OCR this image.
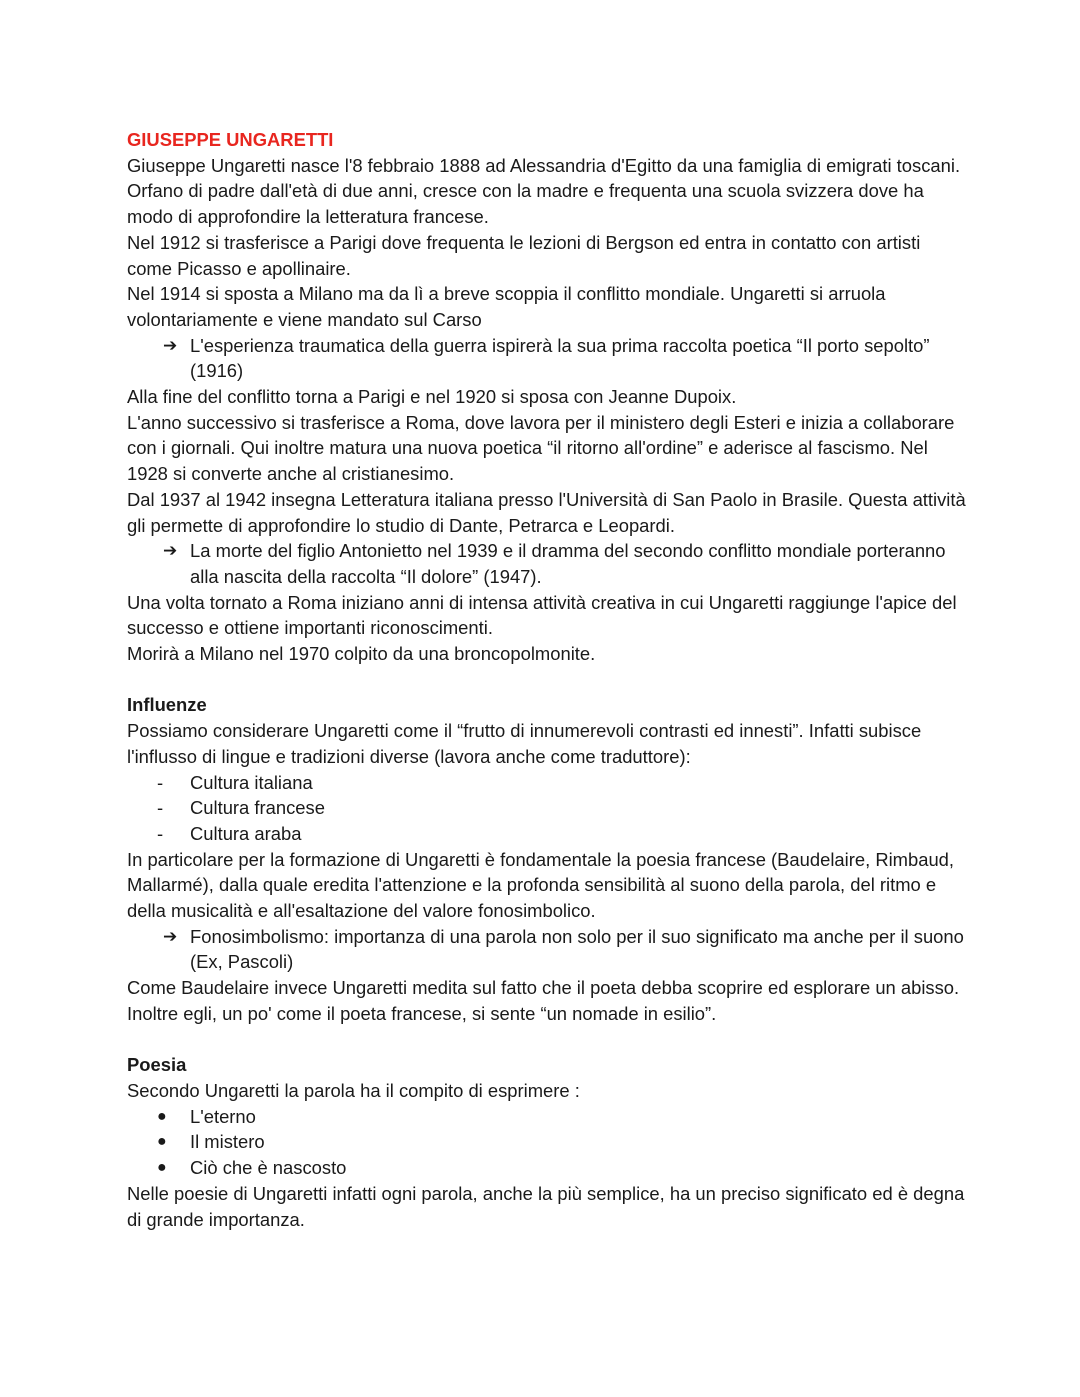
GIUSEPPE UNGARETTI

Giuseppe Ungaretti nasce l'8 febbraio 1888 ad Alessandria d'Egitto da una famiglia di emigrati toscani. Orfano di padre dall'età di due anni, cresce con la madre e frequenta una scuola svizzera dove ha modo di approfondire la letteratura francese.

Nel 1912 si trasferisce a Parigi dove frequenta le lezioni di Bergson ed entra in contatto con artisti come Picasso e apollinaire.

Nel 1914 si sposta a Milano ma da lì a breve scoppia il conflitto mondiale. Ungaretti si arruola volontariamente e viene mandato sul Carso

➔ L'esperienza traumatica della guerra ispirerà la sua prima raccolta poetica “Il porto sepolto” (1916)

Alla fine del conflitto torna a Parigi e nel 1920 si sposa con Jeanne Dupoix.

L'anno successivo si trasferisce a Roma, dove lavora per il ministero degli Esteri e inizia a collaborare con i giornali. Qui inoltre matura una nuova poetica “il ritorno all'ordine” e aderisce al fascismo. Nel 1928 si converte anche al cristianesimo.

Dal 1937 al 1942 insegna Letteratura italiana presso l'Università di San Paolo in Brasile. Questa attività gli permette di approfondire lo studio di Dante, Petrarca e Leopardi.

➔ La morte del figlio Antonietto nel 1939 e il dramma del secondo conflitto mondiale porteranno alla nascita della raccolta “Il dolore” (1947).

Una volta tornato a Roma iniziano anni di intensa attività creativa in cui Ungaretti raggiunge l'apice del successo e ottiene importanti riconoscimenti.

Morirà a Milano nel 1970 colpito da una broncopolmonite.

Influenze

Possiamo considerare Ungaretti come il “frutto di innumerevoli contrasti ed innesti”. Infatti subisce l'influsso di lingue e tradizioni diverse (lavora anche come traduttore):

- Cultura italiana
- Cultura francese
- Cultura araba

In particolare per la formazione di Ungaretti è fondamentale la poesia francese (Baudelaire, Rimbaud, Mallarmé), dalla quale eredita l'attenzione e la profonda sensibilità al suono della parola, del ritmo e della musicalità e all'esaltazione del valore fonosimbolico.

➔ Fonosimbolismo: importanza di una parola non solo per il suo significato ma anche per il suono (Ex, Pascoli)

Come Baudelaire invece Ungaretti medita sul fatto che il poeta debba scoprire ed esplorare un abisso. Inoltre egli, un po' come il poeta francese, si sente “un nomade in esilio”.

Poesia

Secondo Ungaretti la parola ha il compito di esprimere :

● L'eterno
● Il mistero
● Ciò che è nascosto

Nelle poesie di Ungaretti infatti ogni parola, anche la più semplice, ha un preciso significato ed è degna di grande importanza.
